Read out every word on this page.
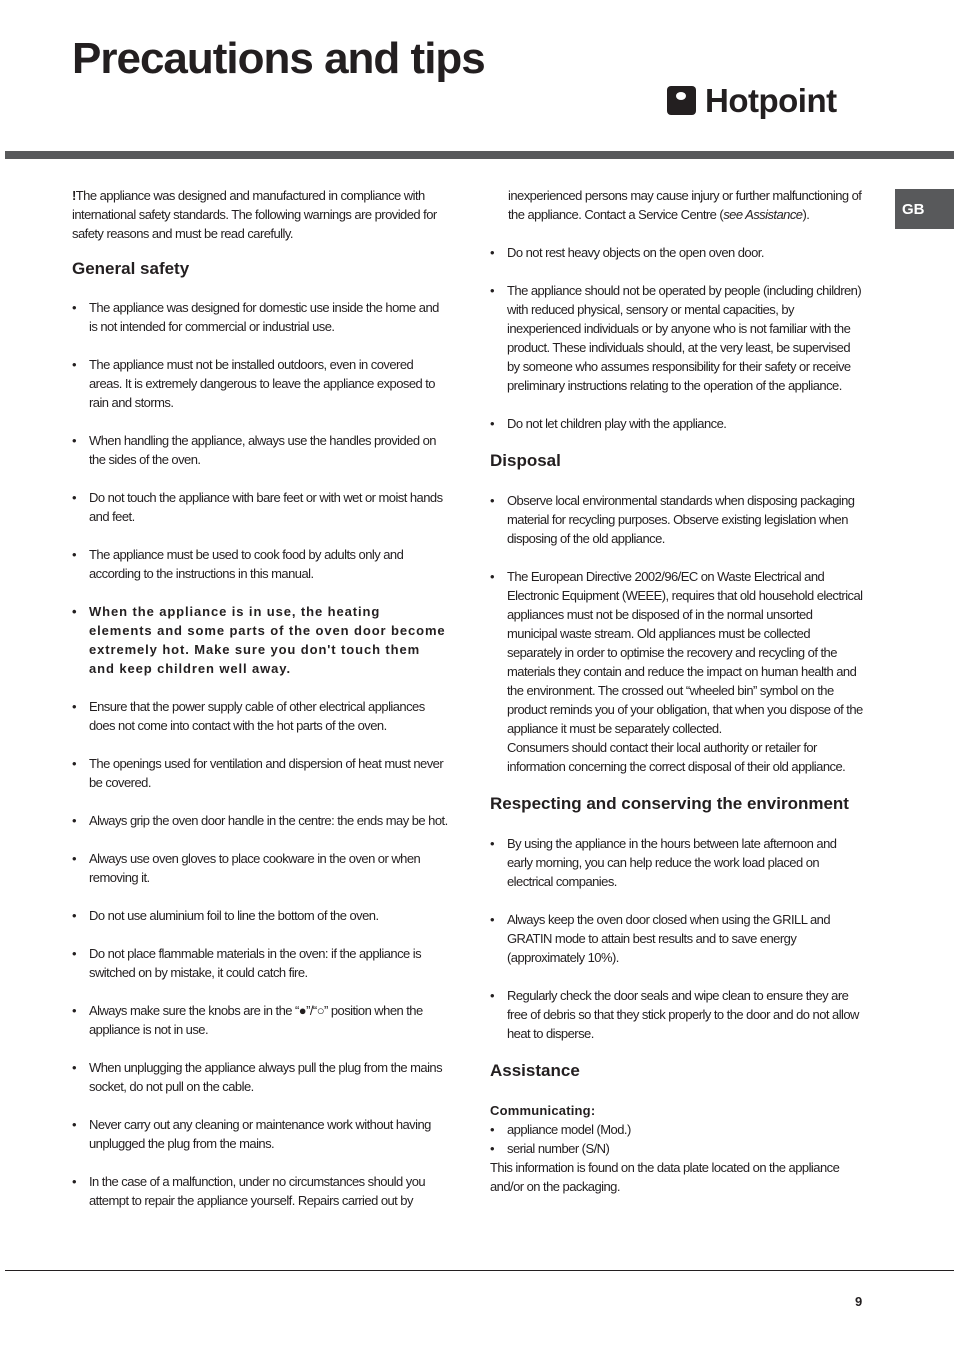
Precautions and tips
Hotpoint
GB

!The appliance was designed and manufactured in compliance with international safety standards. The following warnings are provided for safety reasons and must be read carefully.

General safety
• The appliance was designed for domestic use inside the home and is not intended for commercial or industrial use.
• The appliance must not be installed outdoors, even in covered areas. It is extremely dangerous to leave the appliance exposed to rain and storms.
• When handling the appliance, always use the handles provided on the sides of the oven.
• Do not touch the appliance with bare feet or with wet or moist hands and feet.
• The appliance must be used to cook food by adults only and according to the instructions in this manual.
• When the appliance is in use, the heating elements and some parts of the oven door become extremely hot. Make sure you don't touch them and keep children well away.
• Ensure that the power supply cable of other electrical appliances does not come into contact with the hot parts of the oven.
• The openings used for ventilation and dispersion of heat must never be covered.
• Always grip the oven door handle in the centre: the ends may be hot.
• Always use oven gloves to place cookware in the oven or when removing it.
• Do not use aluminium foil to line the bottom of the oven.
• Do not place flammable materials in the oven: if the appliance is switched on by mistake, it could catch fire.
• Always make sure the knobs are in the “●”/“○” position when the appliance is not in use.
• When unplugging the appliance always pull the plug from the mains socket, do not pull on the cable.
• Never carry out any cleaning or maintenance work without having unplugged the plug from the mains.
• In the case of a malfunction, under no circumstances should you attempt to repair the appliance yourself. Repairs carried out by

inexperienced persons may cause injury or further malfunctioning of the appliance. Contact a Service Centre (see Assistance).

• Do not rest heavy objects on the open oven door.
• The appliance should not be operated by people (including children) with reduced physical, sensory or mental capacities, by inexperienced individuals or by anyone who is not familiar with the product. These individuals should, at the very least, be supervised by someone who assumes responsibility for their safety or receive preliminary instructions relating to the operation of the appliance.
• Do not let children play with the appliance.
Disposal
• Observe local environmental standards when disposing packaging material for recycling purposes. Observe existing legislation when disposing of the old appliance.
• The European Directive 2002/96/EC on Waste Electrical and Electronic Equipment (WEEE), requires that old household electrical appliances must not be disposed of in the normal unsorted municipal waste stream. Old appliances must be collected separately in order to optimise the recovery and recycling of the materials they contain and reduce the impact on human health and the environment. The crossed out “wheeled bin” symbol on the product reminds you of your obligation, that when you dispose of the appliance it must be separately collected.

Consumers should contact their local authority or retailer for information concerning the correct disposal of their old appliance.

Respecting and conserving the environment
• By using the appliance in the hours between late afternoon and early morning, you can help reduce the work load placed on electrical companies.
• Always keep the oven door closed when using the GRILL and GRATIN mode to attain best results and to save energy (approximately 10%).
• Regularly check the door seals and wipe clean to ensure they are free of debris so that they stick properly to the door and do not allow heat to disperse.
Assistance

Communicating:

• appliance model (Mod.)
• serial number (S/N)

This information is found on the data plate located on the appliance and/or on the packaging.

9
